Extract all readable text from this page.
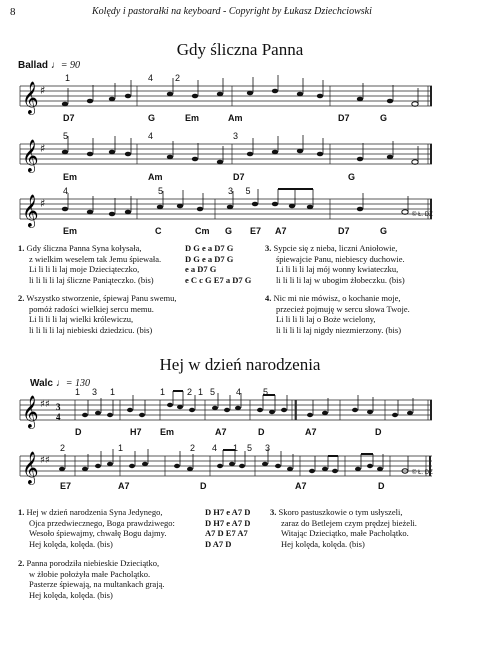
8	Kolędy i pastorałki na keyboard - Copyright by Łukasz Dziechciowski
Gdy śliczna Panna
Ballad ♩= 90
1	4 2
𝄞 ♯
D7	G	Em	Am	D7	G
5	4	3
𝄞 ♯
Em	Am	D7	G
4	5	3 5
𝄞 ♯
© Ł. DZ
Em	C	Cm G E7 A7	D7	G
1. Gdy śliczna Panna Syna kołysała,
z wielkim weselem tak Jemu śpiewała.
Li li li li laj moje Dzieciąteczko,
li li li li laj śliczne Paniąteczko. (bis)
2. Wszystko stworzenie, śpiewaj Panu swemu,
pomóż radości wielkiej sercu memu.
Li li li li laj wielki królewiczu,
li li li li laj niebieski dziedzicu. (bis)
D G e a D7 G
D G e a D7 G
e a D7 G
e C c G E7 a D7 G
3. Sypcie się z nieba, liczni Aniołowie,
śpiewajcie Panu, niebiescy duchowie.
Li li li li laj mój wonny kwiateczku,
li li li li laj w ubogim żłobeczku. (bis)
4. Nic mi nie mówisz, o kochanie moje,
przecież pojmuję w sercu słowa Twoje.
Li li li li laj o Boże wcielony,
li li li li laj nigdy niezmierzony. (bis)
Hej w dzień narodzenia
Walc ♩= 130
1 3 1	1 2 1 5 4 5
𝄞 ♯♯ 3
4
D	H7 Em	A7	D	A7	D
2	1	2 4 1 5 3
𝄞 ♯♯
© Ł. DZ
E7	A7	D	A7	D
1. Hej w dzień narodzenia Syna Jedynego,
Ojca przedwiecznego, Boga prawdziwego:
Wesoło śpiewajmy, chwałę Bogu dajmy.
Hej kolęda, kolęda. (bis)
2. Panna porodziła niebieskie Dzieciątko,
w żłobie położyła małe Pacholątko.
Pasterze śpiewają, na multankach grają.
Hej kolęda, kolęda. (bis)
D H7 e A7 D
D H7 e A7 D
A7 D E7 A7
D A7 D
3. Skoro pastuszkowie o tym usłyszeli,
zaraz do Betlejem czym prędzej bieżeli.
Witając Dzieciątko, małe Pacholątko.
Hej kolęda, kolęda. (bis)
